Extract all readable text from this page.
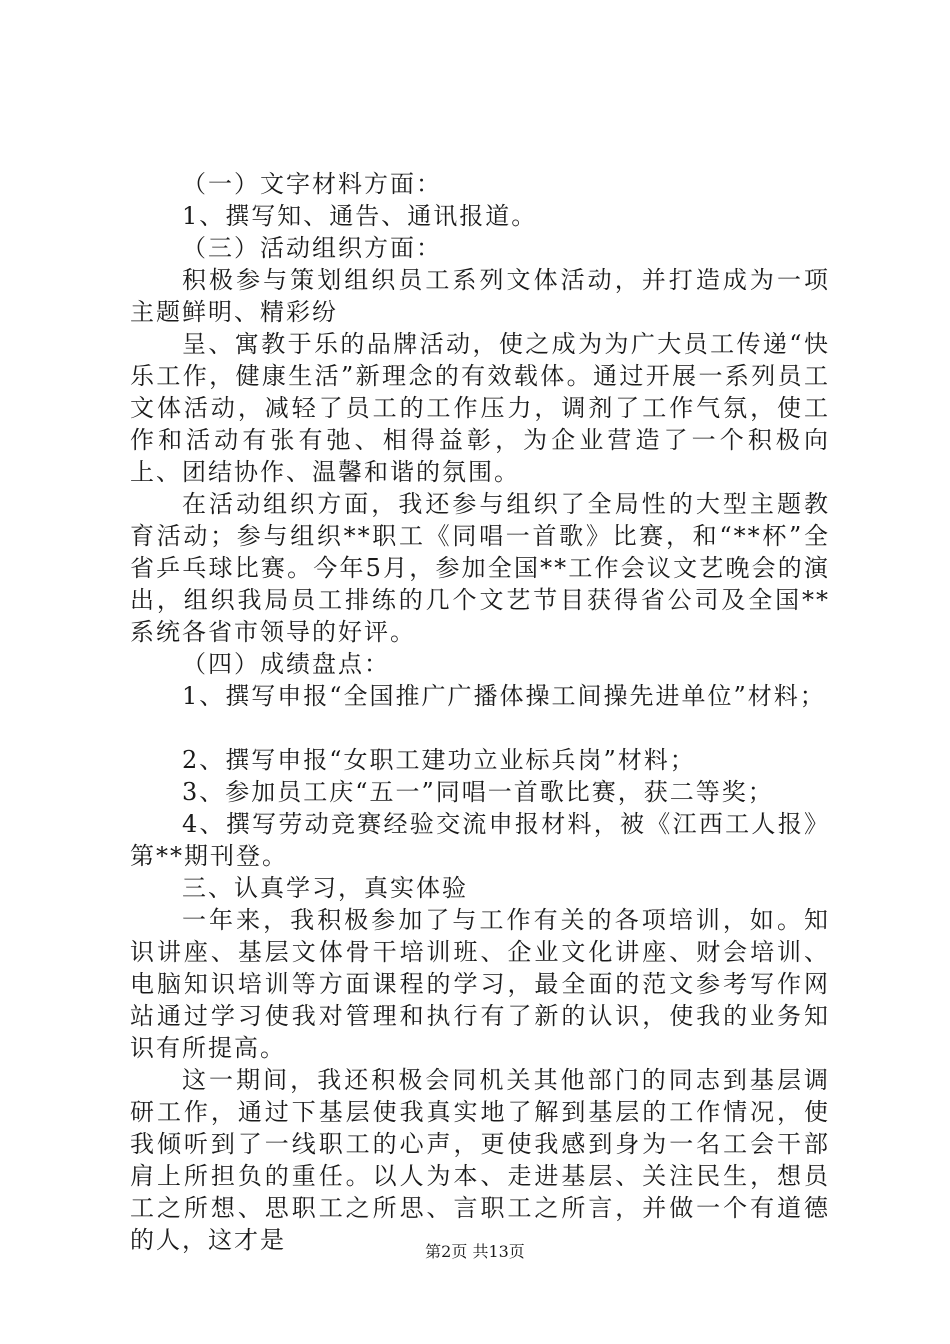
（一）文字材料方面：

1、撰写知、通告、通讯报道。

（三）活动组织方面：

积极参与策划组织员工系列文体活动，并打造成为一项主题鲜明、精彩纷

呈、寓教于乐的品牌活动，使之成为为广大员工传递“快乐工作，健康生活”新理念的有效载体。通过开展一系列员工文体活动，减轻了员工的工作压力，调剂了工作气氛，使工作和活动有张有弛、相得益彰，为企业营造了一个积极向上、团结协作、温馨和谐的氛围。

在活动组织方面，我还参与组织了全局性的大型主题教育活动；参与组织**职工《同唱一首歌》比赛，和“**杯”全省乒乓球比赛。今年5月，参加全国**工作会议文艺晚会的演出，组织我局员工排练的几个文艺节目获得省公司及全国**系统各省市领导的好评。

（四）成绩盘点：

1、撰写申报“全国推广广播体操工间操先进单位”材料；

2、撰写申报“女职工建功立业标兵岗”材料；

3、参加员工庆“五一”同唱一首歌比赛，获二等奖；

4、撰写劳动竞赛经验交流申报材料，被《江西工人报》第**期刊登。

三、认真学习，真实体验

一年来，我积极参加了与工作有关的各项培训，如。知识讲座、基层文体骨干培训班、企业文化讲座、财会培训、电脑知识培训等方面课程的学习，最全面的范文参考写作网站通过学习使我对管理和执行有了新的认识，使我的业务知识有所提高。

这一期间，我还积极会同机关其他部门的同志到基层调研工作，通过下基层使我真实地了解到基层的工作情况，使我倾听到了一线职工的心声，更使我感到身为一名工会干部肩上所担负的重任。以人为本、走进基层、关注民生，想员工之所想、思职工之所思、言职工之所言，并做一个有道德的人，这才是	第2页 共13页
